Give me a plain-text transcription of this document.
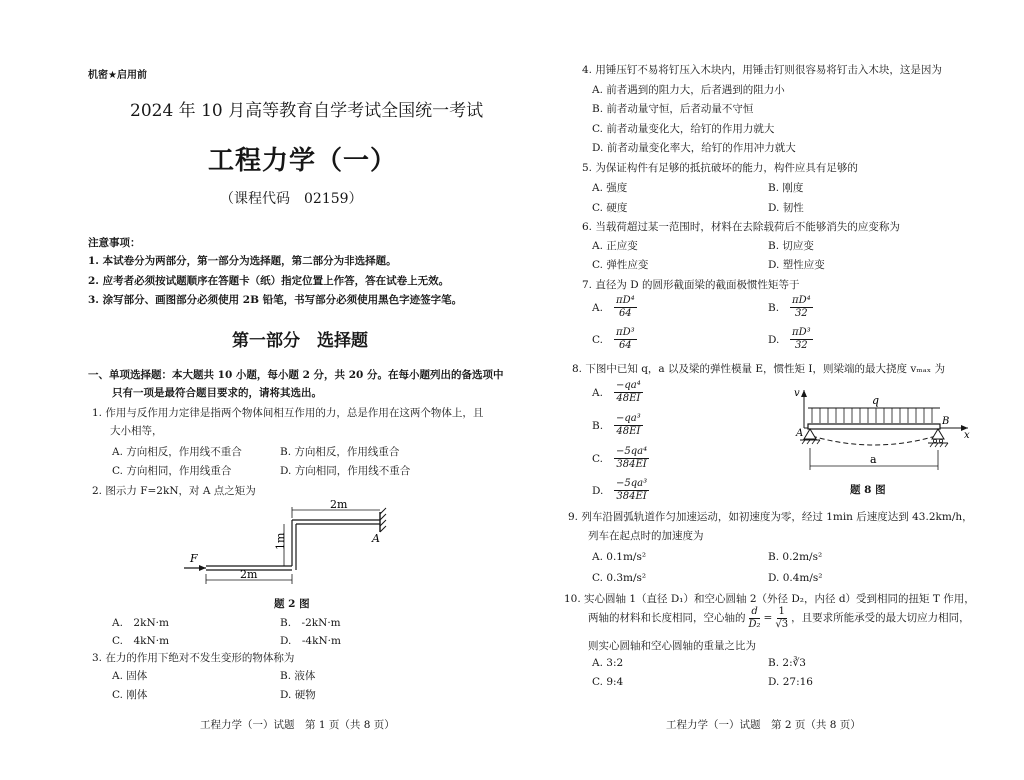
机密★启用前
2024 年 10 月高等教育自学考试全国统一考试
工程力学（一）
（课程代码　02159）
注意事项：
1. 本试卷分为两部分，第一部分为选择题，第二部分为非选择题。
2. 应考者必须按试题顺序在答题卡（纸）指定位置上作答，答在试卷上无效。
3. 涂写部分、画图部分必须使用 2B 铅笔，书写部分必须使用黑色字迹签字笔。
第一部分　选择题
一、单项选择题：本大题共 10 小题，每小题 2 分，共 20 分。在每小题列出的备选项中
只有一项是最符合题目要求的，请将其选出。
1. 作用与反作用力定律是指两个物体间相互作用的力，总是作用在这两个物体上，且
大小相等，
A. 方向相反，作用线不重合	B. 方向相反，作用线重合
C. 方向相同，作用线重合	D. 方向相同，作用线不重合
2. 图示力 F=2kN，对 A 点之矩为
2m
1m
2m
F
A
题 2 图
A.　2kN·m	B.　-2kN·m
C.　4kN·m	D.　-4kN·m
3. 在力的作用下绝对不发生变形的物体称为
A. 固体	B. 液体
C. 刚体	D. 硬物
工程力学（一）试题　第 1 页（共 8 页）
4. 用锤压钉不易将钉压入木块内，用锤击钉则很容易将钉击入木块，这是因为
A. 前者遇到的阻力大，后者遇到的阻力小
B. 前者动量守恒，后者动量不守恒
C. 前者动量变化大，给钉的作用力就大
D. 前者动量变化率大，给钉的作用冲力就大
5. 为保证构件有足够的抵抗破坏的能力，构件应具有足够的
A. 强度	B. 刚度
C. 硬度	D. 韧性
6. 当载荷超过某一范围时，材料在去除载荷后不能够消失的应变称为
A. 正应变	B. 切应变
C. 弹性应变	D. 塑性应变
7. 直径为 D 的圆形截面梁的截面极惯性矩等于
A.	$\frac{\text{πD⁴}}{64}$	B.	$\frac{\text{πD⁴}}{32}$
C.	$\frac{\text{πD³}}{64}$	D.	$\frac{\text{πD³}}{32}$
8. 下图中已知 q，a 以及梁的弹性模量 E，惯性矩 I，则梁端的最大挠度 vₘₐₓ 为
A.	$\frac{\text{−qa⁴}}{48EI}$
B.	$\frac{\text{−qa³}}{48EI}$
C.	$\frac{\text{−5qa⁴}}{384EI}$
D.	$\frac{\text{−5qa³}}{384EI}$
v
q
A
B
x
a
题 8 图
9. 列车沿圆弧轨道作匀加速运动，如初速度为零，经过 1min 后速度达到 43.2km/h，
列车在起点时的加速度为
A. 0.1m/s²	B. 0.2m/s²
C. 0.3m/s²	D. 0.4m/s²
10. 实心圆轴 1（直径 D₁）和空心圆轴 2（外径 D₂，内径 d）受到相同的扭矩 T 作用，
两轴的材料和长度相同，空心轴的 $\frac{d}{\text{D₂}} = \frac{1}{√3}$ ，且要求所能承受的最大切应力相同，
则实心圆轴和空心圆轴的重量之比为
A. 3:2	B. 2:∛3
C. 9:4	D. 27:16
工程力学（一）试题　第 2 页（共 8 页）
